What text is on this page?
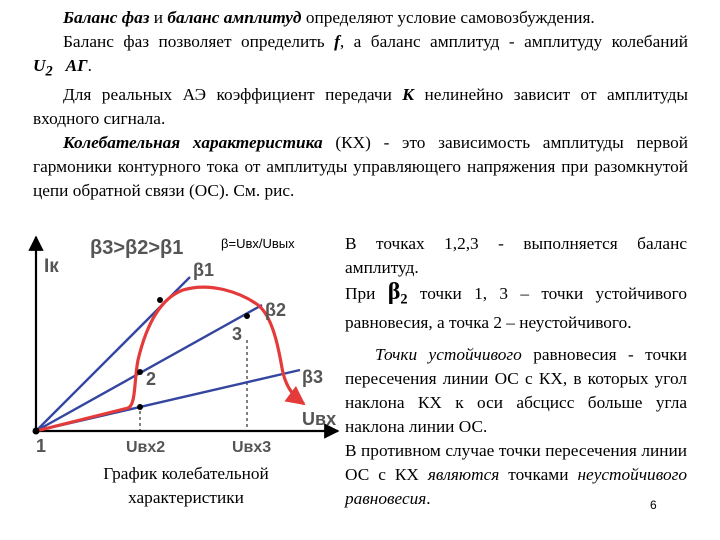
Баланс фаз и баланс амплитуд определяют условие самовозбуждения.

Баланс фаз позволяет определить f, а баланс амплитуд - амплитуду колебаний $U_2$ АГ.

Для реальных АЭ коэффициент передачи К нелинейно зависит от амплитуды входного сигнала.

Колебательная характеристика (КХ) - это зависимость амплитуды первой гармоники контурного тока от амплитуды управляющего напряжения при разомкнутой цепи обратной связи (ОС). См. рис.

β3>β2>β1
Iк	β1
β2
β3
3
2
1
Uвх
Uвх2	Uвх3
β=Uвх/Uвых
График колебательной
характеристики

В точках 1,2,3 - выполняется баланс амплитуд.

При $\beta_2$ точки 1, 3 – точки устойчивого равновесия, а точка 2 – неустойчивого.

Точки устойчивого равновесия - точки пересечения линии ОС с КХ, в которых угол наклона КХ к оси абсцисс больше угла наклона линии ОС.

В противном случае точки пересечения линии ОС с КХ являются точками неустойчивого равновесия.	6
